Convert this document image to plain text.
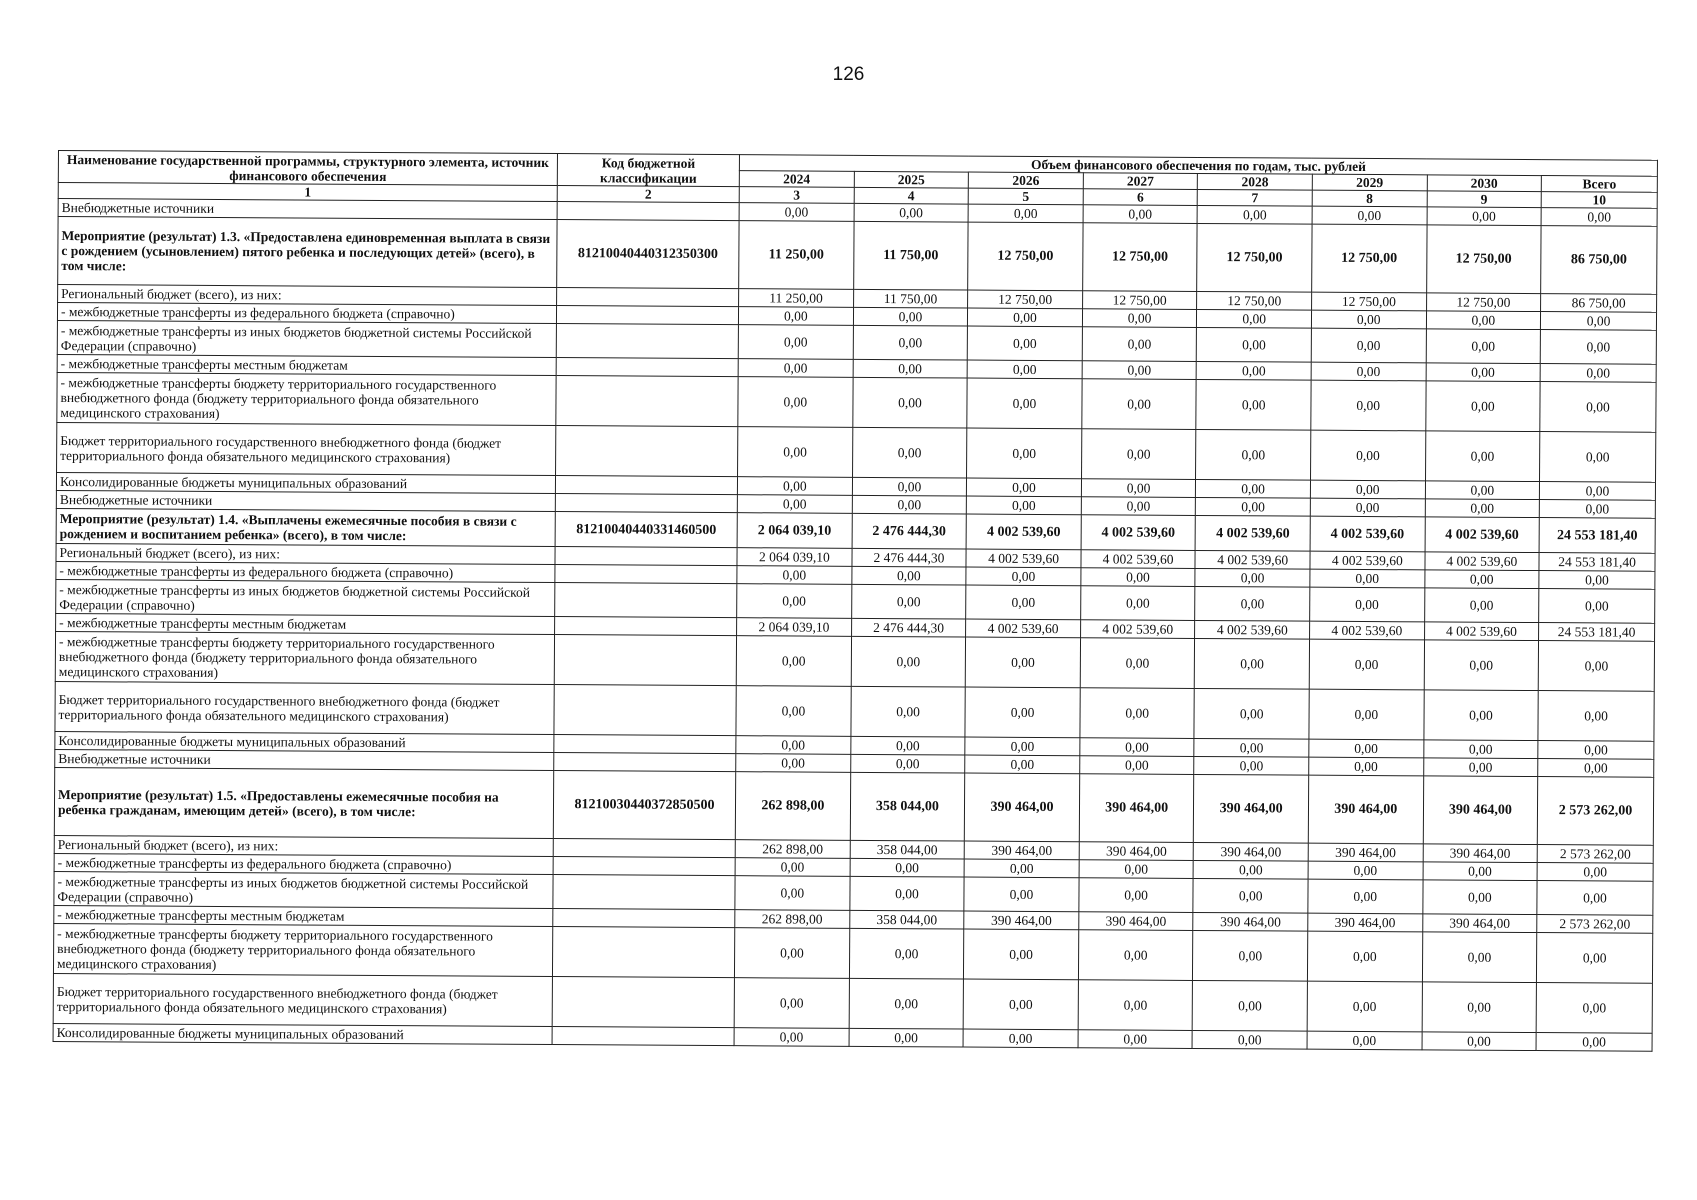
126
Наименование государственной программы, структурного элемента, источник финансового обеспечения	Код бюджетной классификации	Объем финансового обеспечения по годам, тыс. рублей							
		2024	2025	2026	2027	2028	2029	2030	Всего
1	2	3	4	5	6	7	8	9	10
Внебюджетные источники		0,00	0,00	0,00	0,00	0,00	0,00	0,00	0,00
Мероприятие (результат) 1.3. «Предоставлена единовременная выплата в связи с рождением (усыновлением) пятого ребенка и последующих детей» (всего), в том числе:	81210040440312350300	11 250,00	11 750,00	12 750,00	12 750,00	12 750,00	12 750,00	12 750,00	86 750,00
Региональный бюджет (всего), из них:		11 250,00	11 750,00	12 750,00	12 750,00	12 750,00	12 750,00	12 750,00	86 750,00
- межбюджетные трансферты из федерального бюджета (справочно)		0,00	0,00	0,00	0,00	0,00	0,00	0,00	0,00
- межбюджетные трансферты из иных бюджетов бюджетной системы Российской Федерации (справочно)		0,00	0,00	0,00	0,00	0,00	0,00	0,00	0,00
- межбюджетные трансферты местным бюджетам		0,00	0,00	0,00	0,00	0,00	0,00	0,00	0,00
- межбюджетные трансферты бюджету территориального государственного внебюджетного фонда (бюджету территориального фонда обязательного медицинского страхования)		0,00	0,00	0,00	0,00	0,00	0,00	0,00	0,00
Бюджет территориального государственного внебюджетного фонда (бюджет территориального фонда обязательного медицинского страхования)		0,00	0,00	0,00	0,00	0,00	0,00	0,00	0,00
Консолидированные бюджеты муниципальных образований		0,00	0,00	0,00	0,00	0,00	0,00	0,00	0,00
Внебюджетные источники		0,00	0,00	0,00	0,00	0,00	0,00	0,00	0,00
Мероприятие (результат) 1.4. «Выплачены ежемесячные пособия в связи с рождением и воспитанием ребенка» (всего), в том числе:	81210040440331460500	2 064 039,10	2 476 444,30	4 002 539,60	4 002 539,60	4 002 539,60	4 002 539,60	4 002 539,60	24 553 181,40
Региональный бюджет (всего), из них:		2 064 039,10	2 476 444,30	4 002 539,60	4 002 539,60	4 002 539,60	4 002 539,60	4 002 539,60	24 553 181,40
- межбюджетные трансферты из федерального бюджета (справочно)		0,00	0,00	0,00	0,00	0,00	0,00	0,00	0,00
- межбюджетные трансферты из иных бюджетов бюджетной системы Российской Федерации (справочно)		0,00	0,00	0,00	0,00	0,00	0,00	0,00	0,00
- межбюджетные трансферты местным бюджетам		2 064 039,10	2 476 444,30	4 002 539,60	4 002 539,60	4 002 539,60	4 002 539,60	4 002 539,60	24 553 181,40
- межбюджетные трансферты бюджету территориального государственного внебюджетного фонда (бюджету территориального фонда обязательного медицинского страхования)		0,00	0,00	0,00	0,00	0,00	0,00	0,00	0,00
Бюджет территориального государственного внебюджетного фонда (бюджет территориального фонда обязательного медицинского страхования)		0,00	0,00	0,00	0,00	0,00	0,00	0,00	0,00
Консолидированные бюджеты муниципальных образований		0,00	0,00	0,00	0,00	0,00	0,00	0,00	0,00
Внебюджетные источники		0,00	0,00	0,00	0,00	0,00	0,00	0,00	0,00
Мероприятие (результат) 1.5. «Предоставлены ежемесячные пособия на ребенка гражданам, имеющим детей» (всего), в том числе:	81210030440372850500	262 898,00	358 044,00	390 464,00	390 464,00	390 464,00	390 464,00	390 464,00	2 573 262,00
Региональный бюджет (всего), из них:		262 898,00	358 044,00	390 464,00	390 464,00	390 464,00	390 464,00	390 464,00	2 573 262,00
- межбюджетные трансферты из федерального бюджета (справочно)		0,00	0,00	0,00	0,00	0,00	0,00	0,00	0,00
- межбюджетные трансферты из иных бюджетов бюджетной системы Российской Федерации (справочно)		0,00	0,00	0,00	0,00	0,00	0,00	0,00	0,00
- межбюджетные трансферты местным бюджетам		262 898,00	358 044,00	390 464,00	390 464,00	390 464,00	390 464,00	390 464,00	2 573 262,00
- межбюджетные трансферты бюджету территориального государственного внебюджетного фонда (бюджету территориального фонда обязательного медицинского страхования)		0,00	0,00	0,00	0,00	0,00	0,00	0,00	0,00
Бюджет территориального государственного внебюджетного фонда (бюджет территориального фонда обязательного медицинского страхования)		0,00	0,00	0,00	0,00	0,00	0,00	0,00	0,00
Консолидированные бюджеты муниципальных образований		0,00	0,00	0,00	0,00	0,00	0,00	0,00	0,00
